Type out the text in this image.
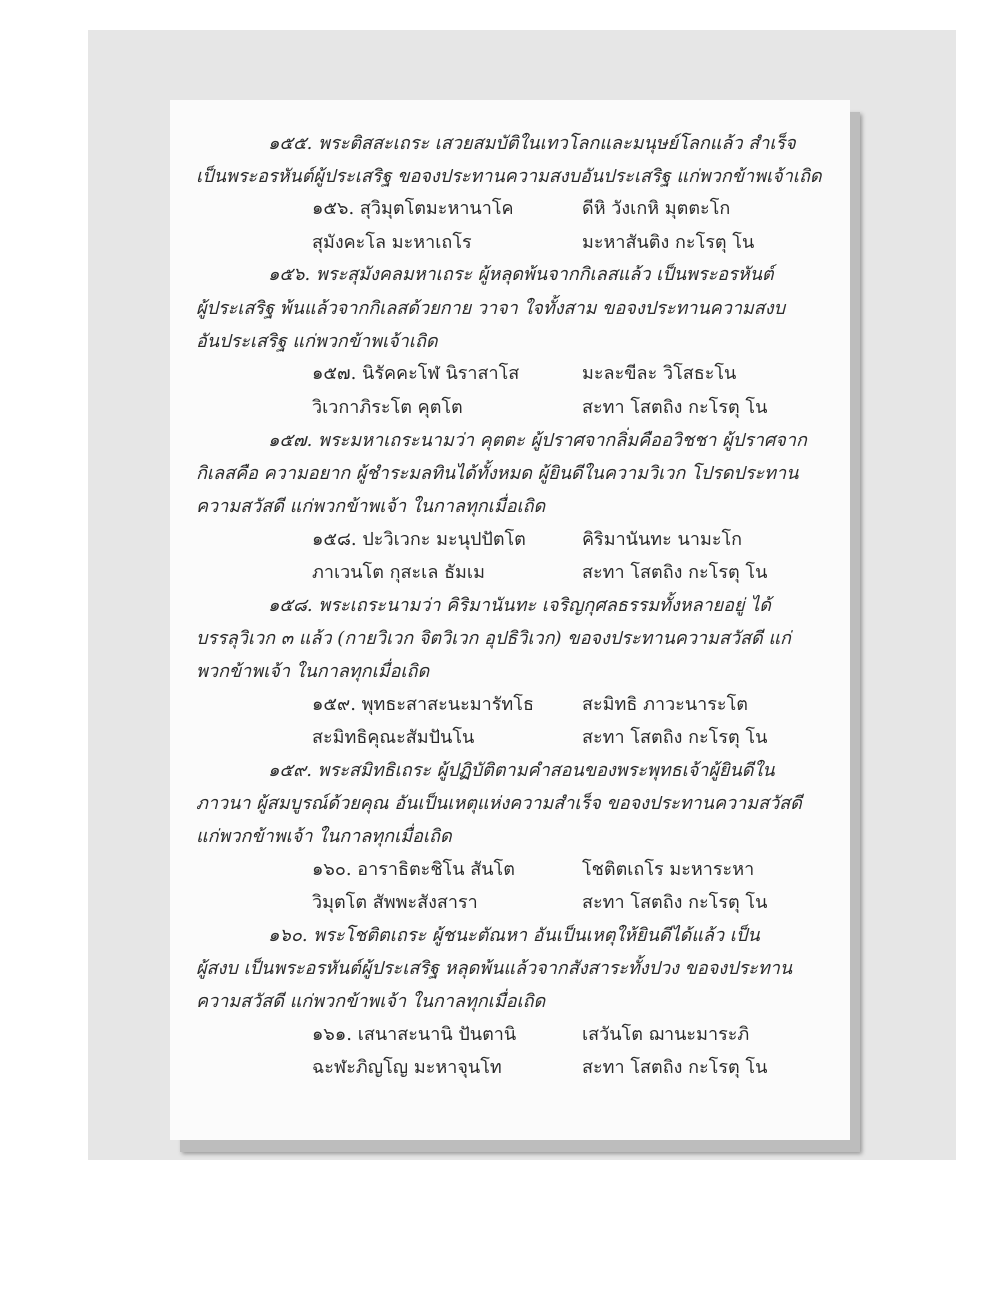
๑๕๕. พระติสสะเถระ เสวยสมบัติในเทวโลกและมนุษย์โลกแล้ว สำเร็จ
เป็นพระอรหันต์ผู้ประเสริฐ ขอจงประทานความสงบอันประเสริฐ แก่พวกข้าพเจ้าเถิด
๑๕๖. สุวิมุตโตมะหานาโค	ดีหิ วังเกหิ มุตตะโก
สุมังคะโล มะหาเถโร	มะหาสันติง กะโรตุ โน
๑๕๖. พระสุมังคลมหาเถระ ผู้หลุดพ้นจากกิเลสแล้ว เป็นพระอรหันต์
ผู้ประเสริฐ พ้นแล้วจากกิเลสด้วยกาย วาจา ใจทั้งสาม ขอจงประทานความสงบ
อันประเสริฐ แก่พวกข้าพเจ้าเถิด
๑๕๗. นิรัคคะโฬ นิราสาโส	มะละขีละ วิโสธะโน
วิเวกาภิระโต คุตโต	สะทา โสตถิง กะโรตุ โน
๑๕๗. พระมหาเถระนามว่า คุตตะ ผู้ปราศจากลิ่มคืออวิชชา ผู้ปราศจาก
กิเลสคือ ความอยาก ผู้ชำระมลทินได้ทั้งหมด ผู้ยินดีในความวิเวก โปรดประทาน
ความสวัสดี แก่พวกข้าพเจ้า ในกาลทุกเมื่อเถิด
๑๕๘. ปะวิเวกะ มะนุปปัตโต	คิริมานันทะ นามะโก
ภาเวนโต กุสะเล ธัมเม	สะทา โสตถิง กะโรตุ โน
๑๕๘. พระเถระนามว่า คิริมานันทะ เจริญกุศลธรรมทั้งหลายอยู่ ได้
บรรลุวิเวก ๓ แล้ว (กายวิเวก จิตวิเวก อุปธิวิเวก) ขอจงประทานความสวัสดี แก่
พวกข้าพเจ้า ในกาลทุกเมื่อเถิด
๑๕๙. พุทธะสาสะนะมารัทโธ	สะมิทธิ ภาวะนาระโต
สะมิทธิคุณะสัมปันโน	สะทา โสตถิง กะโรตุ โน
๑๕๙. พระสมิทธิเถระ ผู้ปฏิบัติตามคำสอนของพระพุทธเจ้าผู้ยินดีใน
ภาวนา ผู้สมบูรณ์ด้วยคุณ อันเป็นเหตุแห่งความสำเร็จ ขอจงประทานความสวัสดี
แก่พวกข้าพเจ้า ในกาลทุกเมื่อเถิด
๑๖๐. อาราธิตะชิโน สันโต	โชติตเถโร มะหาระหา
วิมุตโต สัพพะสังสารา	สะทา โสตถิง กะโรตุ โน
๑๖๐. พระโชติตเถระ ผู้ชนะตัณหา อันเป็นเหตุให้ยินดีได้แล้ว เป็น
ผู้สงบ เป็นพระอรหันต์ผู้ประเสริฐ หลุดพ้นแล้วจากสังสาระทั้งปวง ขอจงประทาน
ความสวัสดี แก่พวกข้าพเจ้า ในกาลทุกเมื่อเถิด
๑๖๑. เสนาสะนานิ ปันตานิ	เสวันโต ฌานะมาระภิ
ฉะฬะภิญโญ มะหาจุนโท	สะทา โสตถิง กะโรตุ โน
